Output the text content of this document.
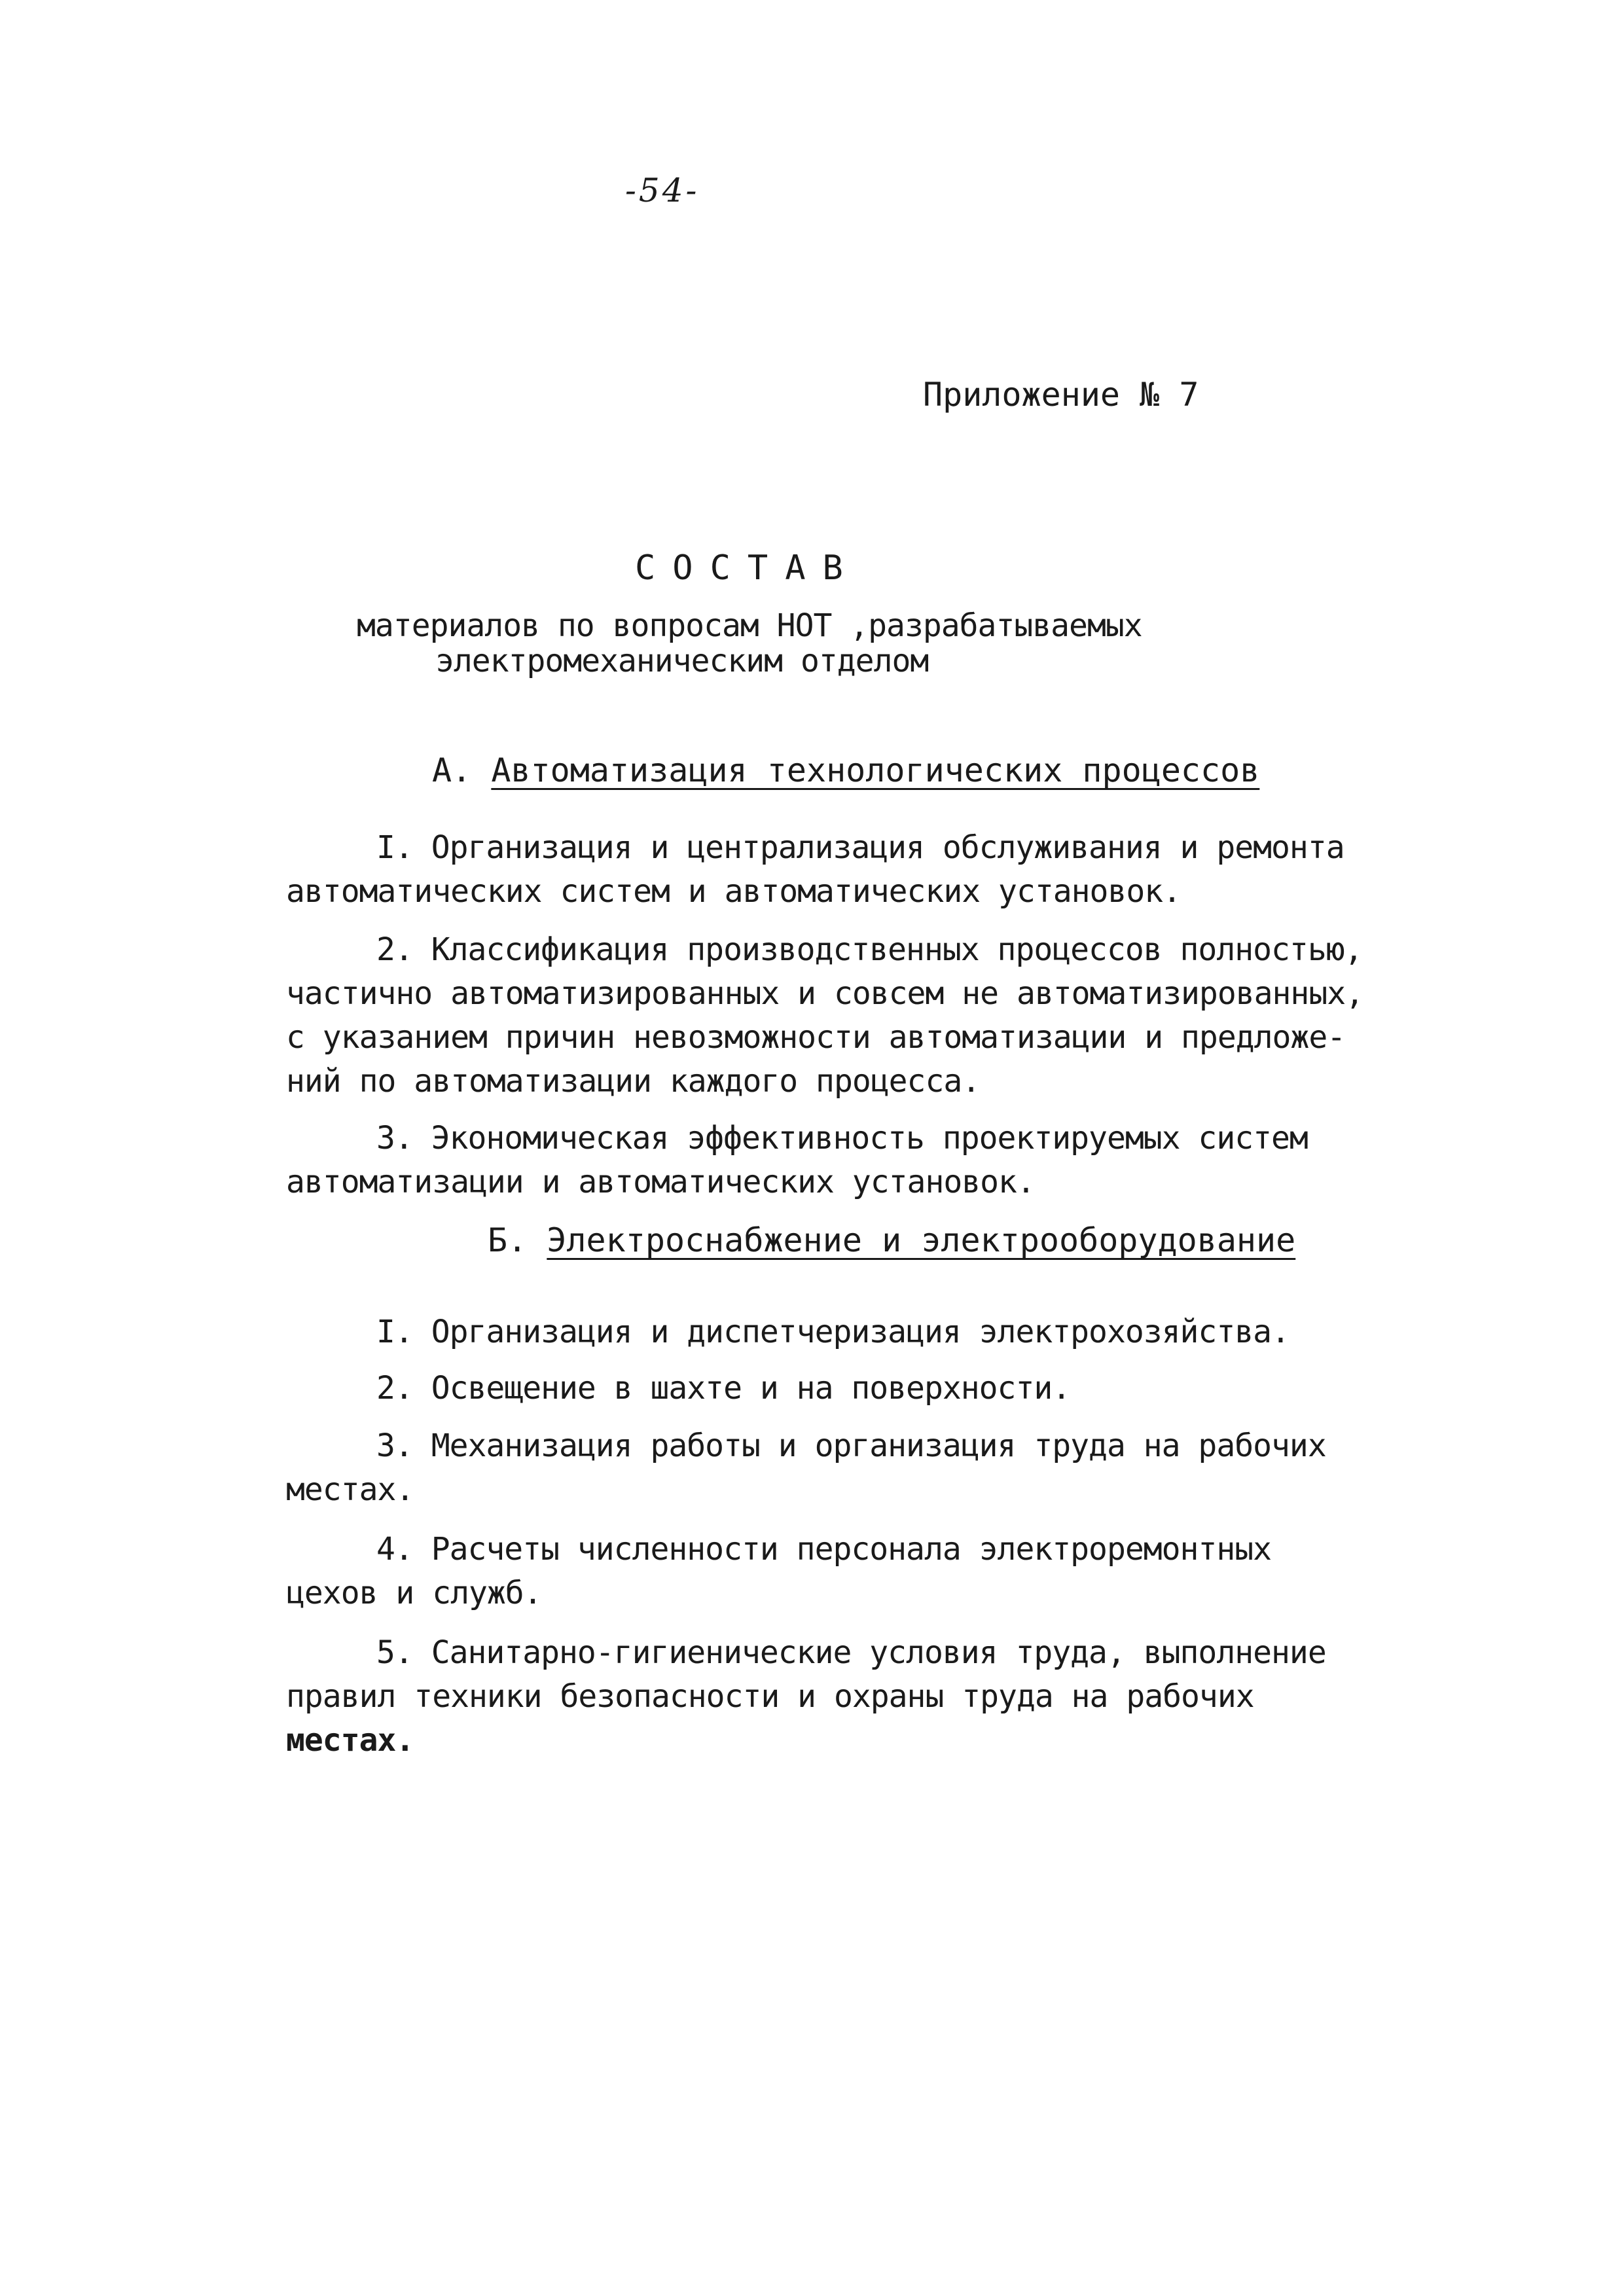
-54-
Приложение № 7
СОСТАВ
материалов по вопросам НОТ ,разрабатываемых
электромеханическим отделом
А. Автоматизация технологических процессов
I. Организация и централизация обслуживания и ремонта
автоматических систем и автоматических установок.
2. Классификация производственных процессов полностью,
частично автоматизированных и совсем не автоматизированных,
с указанием причин невозможности автоматизации и предложе-
ний по автоматизации каждого процесса.
3. Экономическая эффективность проектируемых систем
автоматизации и автоматических установок.
Б. Электроснабжение и электрооборудование
I. Организация и диспетчеризация электрохозяйства.
2. Освещение в шахте и на поверхности.
3. Механизация работы и организация труда на рабочих
местах.
4. Расчеты численности персонала электроремонтных
цехов и служб.
5. Санитарно-гигиенические условия труда, выполнение
правил техники безопасности и охраны труда на рабочих
местах.
